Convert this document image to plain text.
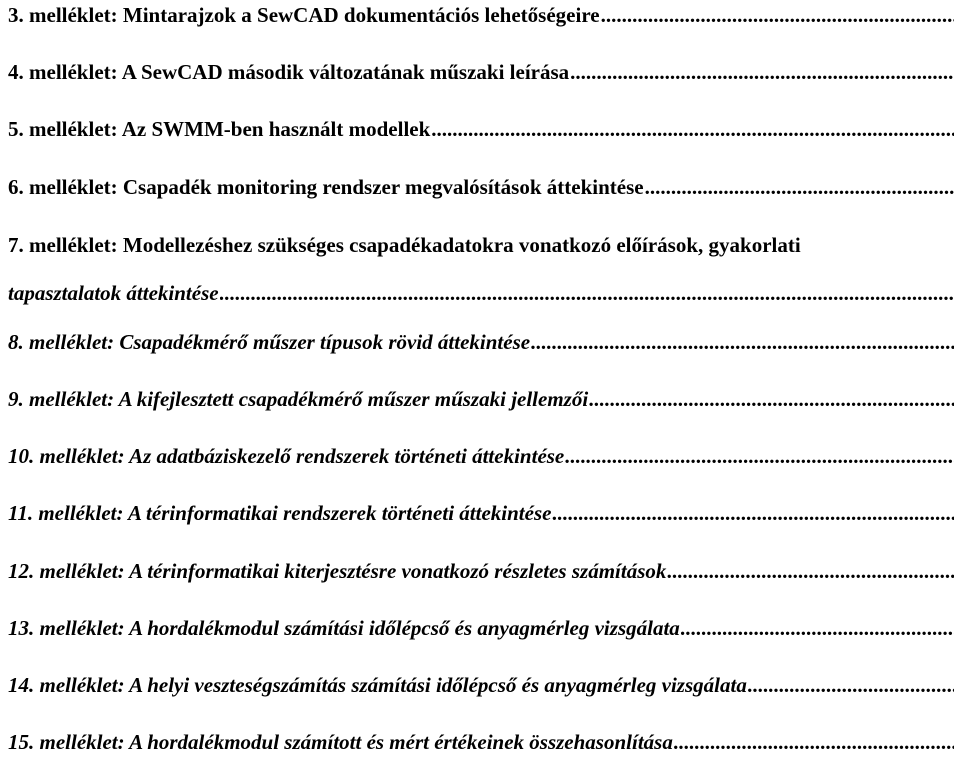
3. melléklet: Mintarajzok a SewCAD dokumentációs lehetőségeire
.....
4. melléklet: A SewCAD második változatának műszaki leírása
.....
5. melléklet: Az SWMM-ben használt modellek
.....
6. melléklet: Csapadék monitoring rendszer megvalósítások áttekintése
.....
7. melléklet: Modellezéshez szükséges csapadékadatokra vonatkozó előírások, gyakorlati
tapasztalatok áttekintése
.....
8. melléklet: Csapadékmérő műszer típusok rövid áttekintése
.....
9. melléklet: A kifejlesztett csapadékmérő műszer műszaki jellemzői
.....
10. melléklet: Az adatbáziskezelő rendszerek történeti áttekintése
.....
11. melléklet: A térinformatikai rendszerek történeti áttekintése
.....
12. melléklet: A térinformatikai kiterjesztésre vonatkozó részletes számítások
.....
13. melléklet: A hordalékmodul számítási időlépcső és anyagmérleg vizsgálata
.....
14. melléklet: A helyi veszteségszámítás számítási időlépcső és anyagmérleg vizsgálata
.....
15. melléklet: A hordalékmodul számított és mért értékeinek összehasonlítása
.....
